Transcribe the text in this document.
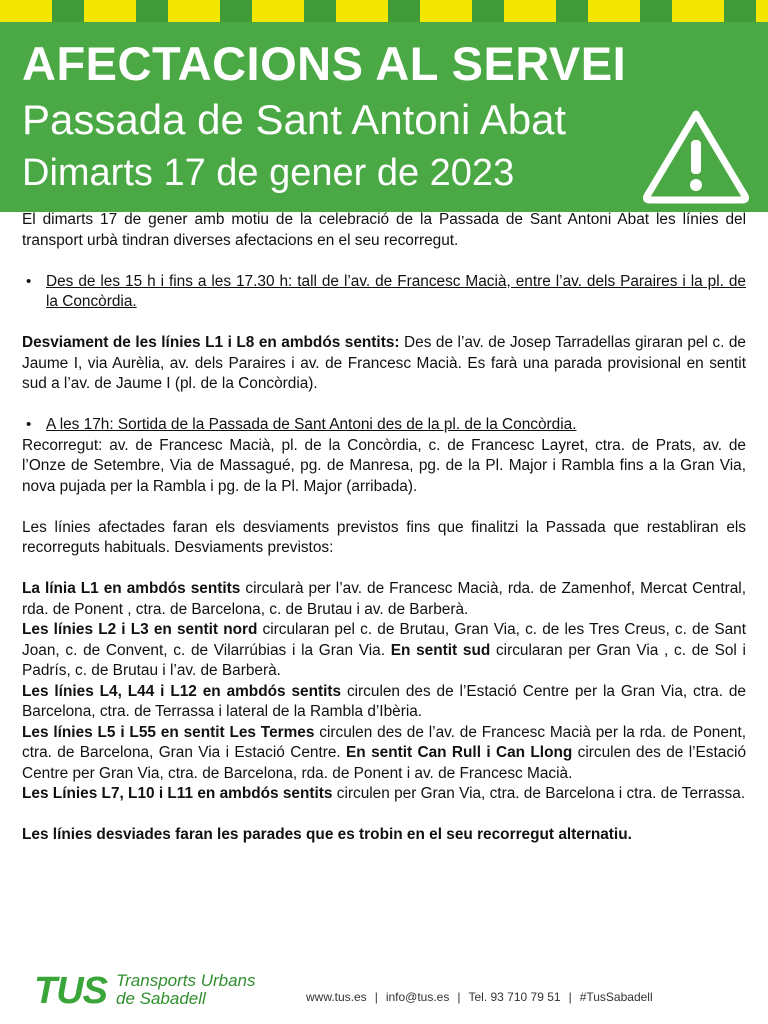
AFECTACIONS AL SERVEI
Passada de Sant Antoni Abat
Dimarts 17 de gener de 2023

El dimarts 17 de gener amb motiu de la celebració de la Passada de Sant Antoni Abat les línies del transport urbà tindran diverses afectacions en el seu recorregut.

• Des de les 15 h i fins a les 17.30 h: tall de l’av. de Francesc Macià, entre l’av. dels Paraires i la pl. de la Concòrdia.

Desviament de les línies L1 i L8 en ambdós sentits: Des de l’av. de Josep Tarradellas giraran pel c. de Jaume I, via Aurèlia, av. dels Paraires i av. de Francesc Macià. Es farà una parada provisional en sentit sud a l’av. de Jaume I (pl. de la Concòrdia).

• A les 17h: Sortida de la Passada de Sant Antoni des de la pl. de la Concòrdia.

Recorregut: av. de Francesc Macià, pl. de la Concòrdia, c. de Francesc Layret, ctra. de Prats, av. de l’Onze de Setembre, Via de Massagué, pg. de Manresa, pg. de la Pl. Major i Rambla fins a la Gran Via, nova pujada per la Rambla i pg. de la Pl. Major (arribada).

Les línies afectades faran els desviaments previstos fins que finalitzi la Passada que restabliran els recorreguts habituals. Desviaments previstos:

La línia L1 en ambdós sentits circularà per l’av. de Francesc Macià, rda. de Zamenhof, Mercat Central, rda. de Ponent , ctra. de Barcelona, c. de Brutau i av. de Barberà.

Les línies L2 i L3 en sentit nord circularan pel c. de Brutau, Gran Via, c. de les Tres Creus, c. de Sant Joan, c. de Convent, c. de Vilarrúbias i la Gran Via. En sentit sud circularan per Gran Via , c. de Sol i Padrís, c. de Brutau i l’av. de Barberà.

Les línies L4, L44 i L12 en ambdós sentits circulen des de l’Estació Centre per la Gran Via, ctra. de Barcelona, ctra. de Terrassa i lateral de la Rambla d’Ibèria.

Les línies L5 i L55 en sentit Les Termes circulen des de l’av. de Francesc Macià per la rda. de Ponent, ctra. de Barcelona, Gran Via i Estació Centre. En sentit Can Rull i Can Llong circulen des de l’Estació Centre per Gran Via, ctra. de Barcelona, rda. de Ponent i av. de Francesc Macià.

Les Línies L7, L10 i L11 en ambdós sentits circulen per Gran Via, ctra. de Barcelona i ctra. de Terrassa.

Les línies desviades faran les parades que es trobin en el seu recorregut alternatiu.

TUS Transports Urbans
de Sabadell	www.tus.es | info@tus.es | Tel. 93 710 79 51 | #TusSabadell
